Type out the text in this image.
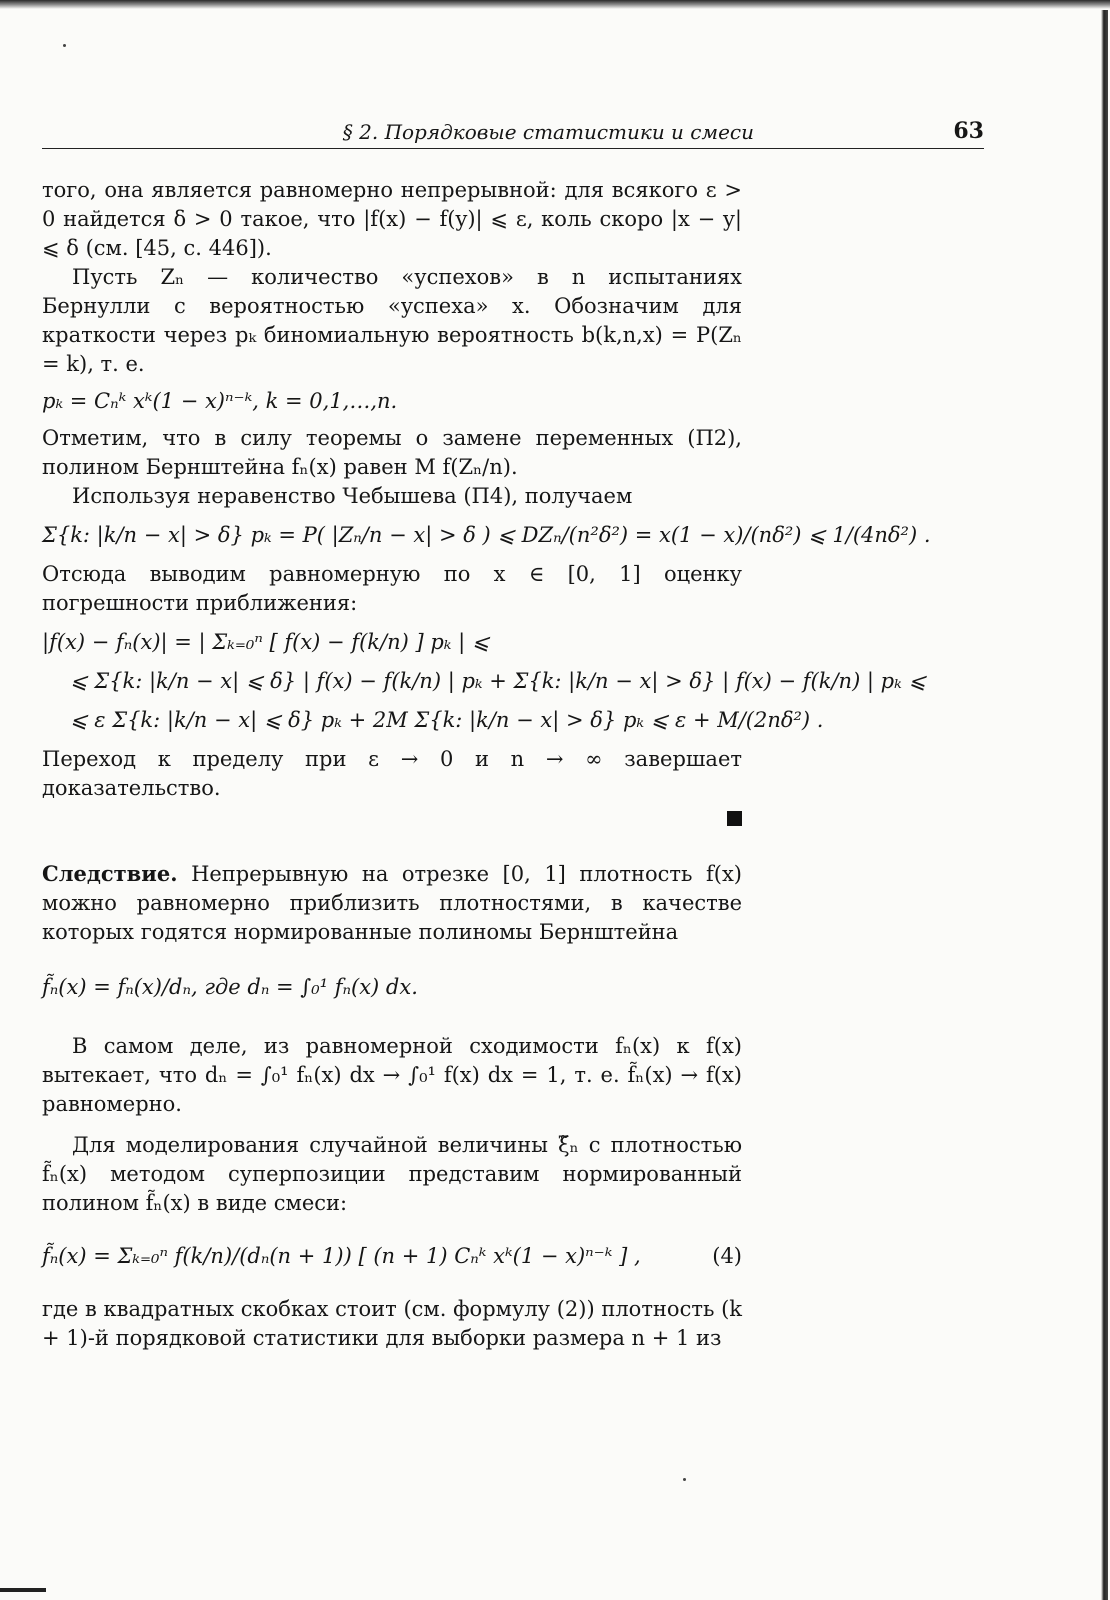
§ 2. Порядковые статистики и смеси	63

того, она является равномерно непрерывной: для всякого ε > 0 найдется δ > 0 такое, что |f(x) − f(y)| ⩽ ε, коль скоро |x − y| ⩽ δ (см. [45, с. 446]).

Пусть Zₙ — количество «успехов» в n испытаниях Бернулли с вероятностью «успеха» x. Обозначим для краткости через pₖ биномиальную вероятность b(k,n,x) = P(Zₙ = k), т. е.

pₖ = Cₙᵏ xᵏ(1 − x)ⁿ⁻ᵏ, k = 0,1,…,n.

Отметим, что в силу теоремы о замене переменных (П2), полином Бернштейна fₙ(x) равен M f(Zₙ/n).

Используя неравенство Чебышева (П4), получаем

Σ{k: |k/n − x| > δ} pₖ = P( |Zₙ/n − x| > δ ) ⩽ DZₙ/(n²δ²) = x(1 − x)/(nδ²) ⩽ 1/(4nδ²) .

Отсюда выводим равномерную по x ∈ [0, 1] оценку погрешности приближения:

|f(x) − fₙ(x)| = | Σₖ₌₀ⁿ [ f(x) − f(k/n) ] pₖ | ⩽
⩽ Σ{k: |k/n − x| ⩽ δ} | f(x) − f(k/n) | pₖ + Σ{k: |k/n − x| > δ} | f(x) − f(k/n) | pₖ ⩽
⩽ ε Σ{k: |k/n − x| ⩽ δ} pₖ + 2M Σ{k: |k/n − x| > δ} pₖ ⩽ ε + M/(2nδ²) .

Переход к пределу при ε → 0 и n → ∞ завершает доказательство.

Следствие. Непрерывную на отрезке [0, 1] плотность f(x) можно равномерно приблизить плотностями, в качестве которых годятся нормированные полиномы Бернштейна

f̃ₙ(x) = fₙ(x)/dₙ, где dₙ = ∫₀¹ fₙ(x) dx.

В самом деле, из равномерной сходимости fₙ(x) к f(x) вытекает, что dₙ = ∫₀¹ fₙ(x) dx → ∫₀¹ f(x) dx = 1, т. е. f̃ₙ(x) → f(x) равномерно.

Для моделирования случайной величины ξ̃ₙ с плотностью f̃ₙ(x) методом суперпозиции представим нормированный полином f̃ₙ(x) в виде смеси:

(4)
f̃ₙ(x) = Σₖ₌₀ⁿ f(k/n)/(dₙ(n + 1)) [ (n + 1) Cₙᵏ xᵏ(1 − x)ⁿ⁻ᵏ ] ,

где в квадратных скобках стоит (см. формулу (2)) плотность (k + 1)-й порядковой статистики для выборки размера n + 1 из
